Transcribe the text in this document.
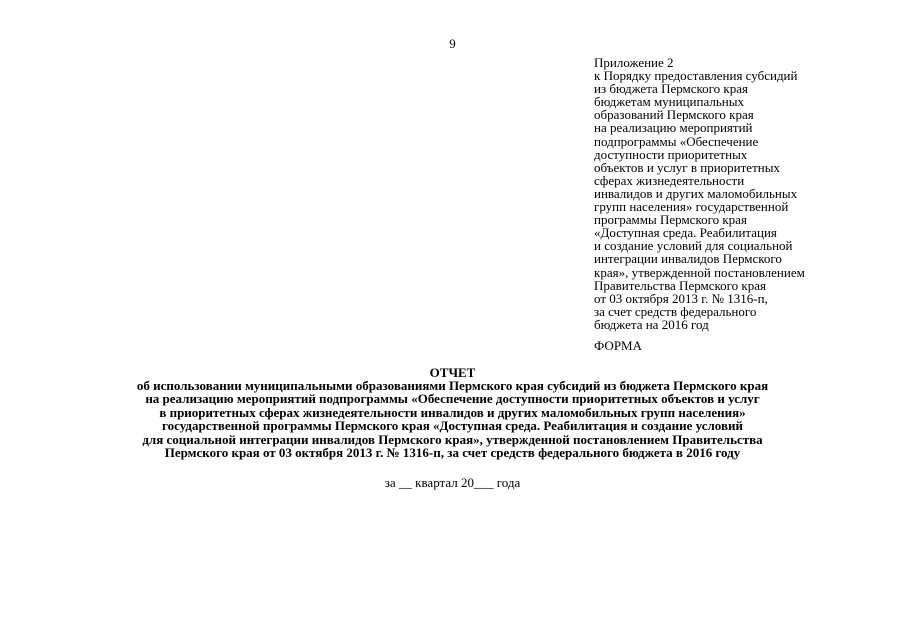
9
Приложение 2
к Порядку предоставления субсидий
из бюджета Пермского края
бюджетам муниципальных
образований Пермского края
на реализацию мероприятий
подпрограммы «Обеспечение
доступности приоритетных
объектов и услуг в приоритетных
сферах жизнедеятельности
инвалидов и других маломобильных
групп населения» государственной
программы Пермского края
«Доступная среда. Реабилитация
и создание условий для социальной
интеграции инвалидов Пермского
края», утвержденной постановлением
Правительства Пермского края
от 03 октября 2013 г. № 1316-п,
за счет средств федерального
бюджета на 2016 год
ФОРМА
ОТЧЕТ
об использовании муниципальными образованиями Пермского края субсидий из бюджета Пермского края
на реализацию мероприятий подпрограммы «Обеспечение доступности приоритетных объектов и услуг
в приоритетных сферах жизнедеятельности инвалидов и других маломобильных групп населения»
государственной программы Пермского края «Доступная среда. Реабилитация и создание условий
для социальной интеграции инвалидов Пермского края», утвержденной постановлением Правительства
Пермского края от 03 октября 2013 г. № 1316-п, за счет средств федерального бюджета в 2016 году
за __ квартал 20___ года
